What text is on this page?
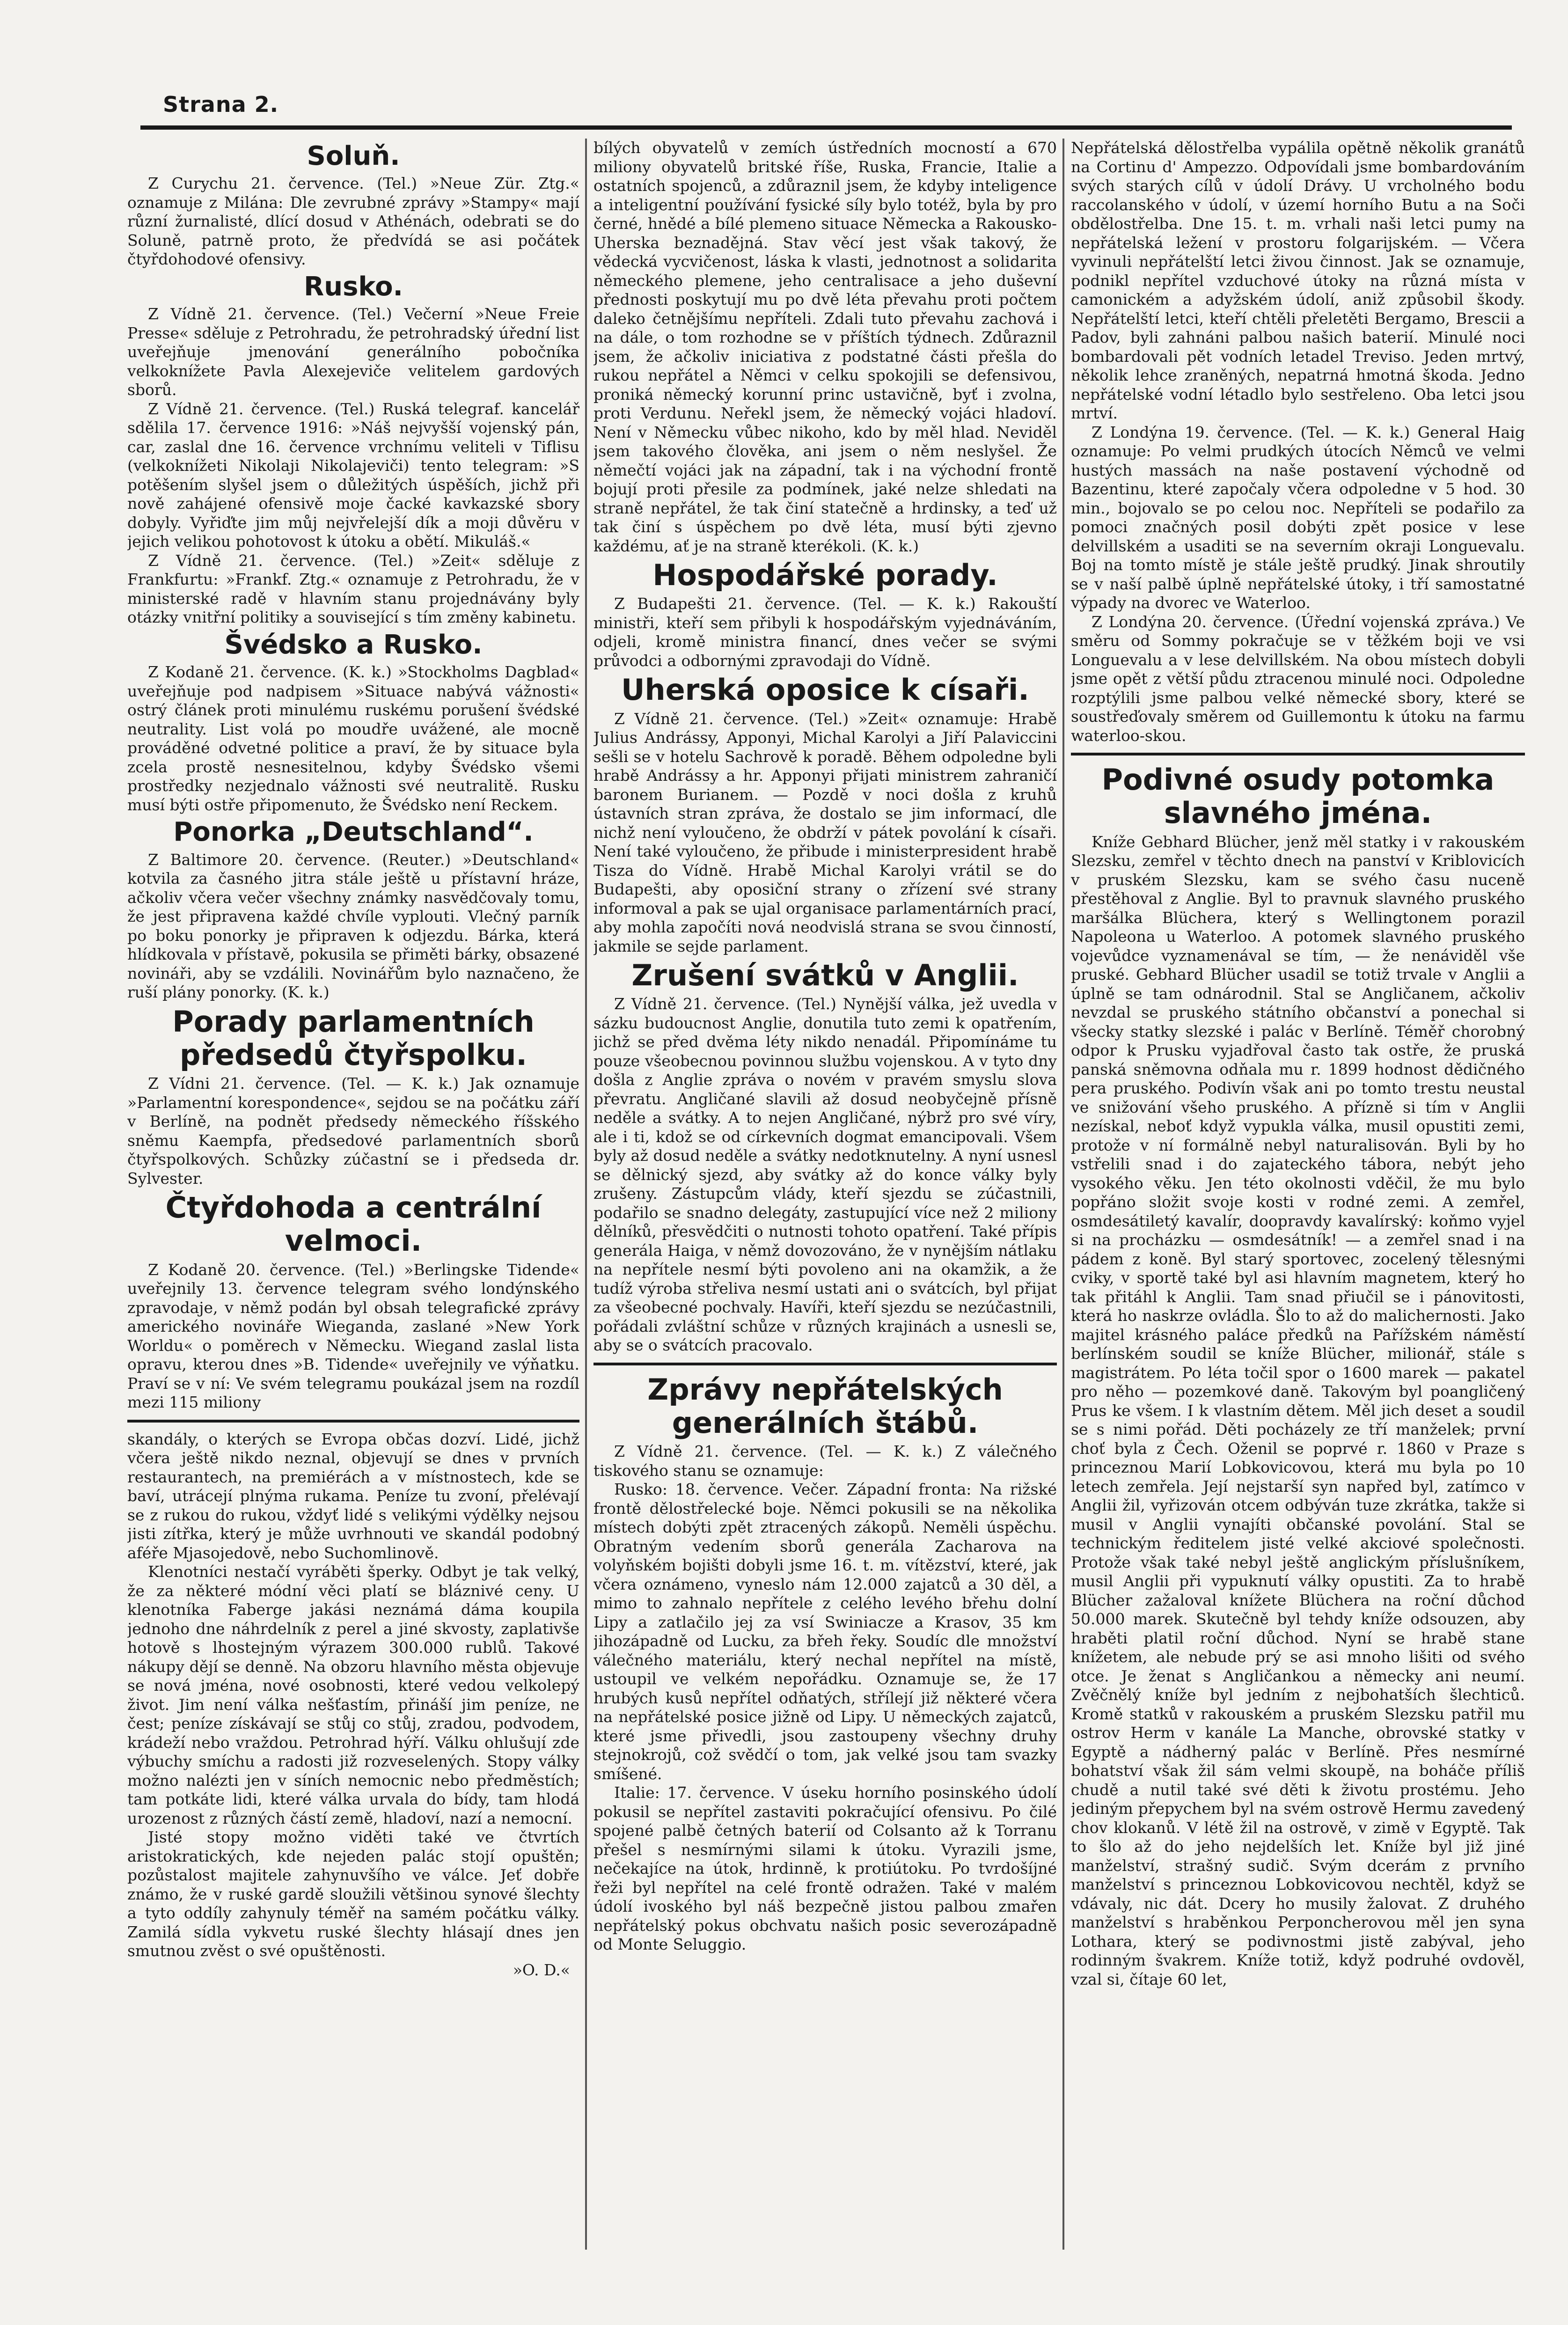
Strana 2.
Soluň.

Z Curychu 21. července. (Tel.) »Neue Zür. Ztg.« oznamuje z Milána: Dle zevrubné zprávy »Stampy« mají různí žurnalisté, dlící dosud v Athénách, odebrati se do Soluně, patrně proto, že předvídá se asi počátek čtyřdohodové ofensivy.

Rusko.

Z Vídně 21. července. (Tel.) Večerní »Neue Freie Presse« sděluje z Petrohradu, že petrohradský úřední list uveřejňuje jmenování generálního pobočníka velkoknížete Pavla Alexejeviče velitelem gardových sborů.

Z Vídně 21. července. (Tel.) Ruská telegraf. kancelář sdělila 17. července 1916: »Náš nejvyšší vojenský pán, car, zaslal dne 16. července vrchnímu veliteli v Tiflisu (velkoknížeti Nikolaji Nikolajeviči) tento telegram: »S potěšením slyšel jsem o důležitých úspěších, jichž při nově zahájené ofensivě moje čacké kavkazské sbory dobyly. Vyřiďte jim můj nejvřelejší dík a moji důvěru v jejich velikou pohotovost k útoku a obětí. Mikuláš.«

Z Vídně 21. července. (Tel.) »Zeit« sděluje z Frankfurtu: »Frankf. Ztg.« oznamuje z Petrohradu, že v ministerské radě v hlavním stanu projednávány byly otázky vnitřní politiky a související s tím změny kabinetu.

Švédsko a Rusko.

Z Kodaně 21. července. (K. k.) »Stockholms Dagblad« uveřejňuje pod nadpisem »Situace nabývá vážnosti« ostrý článek proti minulému ruskému porušení švédské neutrality. List volá po moudře uvážené, ale mocně prováděné odvetné politice a praví, že by situace byla zcela prostě nesnesitelnou, kdyby Švédsko všemi prostředky nezjednalo vážnosti své neutralitě. Rusku musí býti ostře připomenuto, že Švédsko není Reckem.

Ponorka „Deutschland“.

Z Baltimore 20. července. (Reuter.) »Deutschland« kotvila za časného jitra stále ještě u přístavní hráze, ačkoliv včera večer všechny známky nasvědčovaly tomu, že jest připravena každé chvíle vyplouti. Vlečný parník po boku ponorky je připraven k odjezdu. Bárka, která hlídkovala v přístavě, pokusila se přiměti bárky, obsazené novináři, aby se vzdálili. Novinářům bylo naznačeno, že ruší plány ponorky. (K. k.)

Porady parlamentních předsedů čtyřspolku.

Z Vídni 21. července. (Tel. — K. k.) Jak oznamuje »Parlamentní korespondence«, sejdou se na počátku září v Berlíně, na podnět předsedy německého říšského sněmu Kaempfa, předsedové parlamentních sborů čtyřspolkových. Schůzky zúčastní se i předseda dr. Sylvester.

Čtyřdohoda a centrální velmoci.

Z Kodaně 20. července. (Tel.) »Berlingske Tidende« uveřejnily 13. července telegram svého londýnského zpravodaje, v němž podán byl obsah telegrafické zprávy amerického novináře Wieganda, zaslané »New York Worldu« o poměrech v Německu. Wiegand zaslal lista opravu, kterou dnes »B. Tidende« uveřejnily ve výňatku. Praví se v ní: Ve svém telegramu poukázal jsem na rozdíl mezi 115 miliony

skandály, o kterých se Evropa občas dozví. Lidé, jichž včera ještě nikdo neznal, objevují se dnes v prvních restaurantech, na premiérách a v místnostech, kde se baví, utrácejí plnýma rukama. Peníze tu zvoní, přelévají se z rukou do rukou, vždyť lidé s velikými výdělky nejsou jisti zítřka, který je může uvrhnouti ve skandál podobný aféře Mjasojedově, nebo Suchomlinově.

Klenotníci nestačí vyráběti šperky. Odbyt je tak velký, že za některé módní věci platí se bláznivé ceny. U klenotníka Faberge jakási neznámá dáma koupila jednoho dne náhrdelník z perel a jiné skvosty, zaplativše hotově s lhostejným výrazem 300.000 rublů. Takové nákupy dějí se denně. Na obzoru hlavního města objevuje se nová jména, nové osobnosti, které vedou velkolepý život. Jim není válka nešťastím, přináší jim peníze, ne čest; peníze získávají se stůj co stůj, zradou, podvodem, krádeží nebo vraždou. Petrohrad hýří. Válku ohlušují zde výbuchy smíchu a radosti již rozveselených. Stopy války možno nalézti jen v síních nemocnic nebo předměstích; tam potkáte lidi, které válka urvala do bídy, tam hlodá urozenost z různých částí země, hladoví, nazí a nemocní.

Jisté stopy možno viděti také ve čtvrtích aristokratických, kde nejeden palác stojí opuštěn; pozůstalost majitele zahynuvšího ve válce. Jeť dobře známo, že v ruské gardě sloužili většinou synové šlechty a tyto oddíly zahynuly téměř na samém počátku války. Zamilá sídla vykvetu ruské šlechty hlásají dnes jen smutnou zvěst o své opuštěnosti.

»O. D.«

bílých obyvatelů v zemích ústředních mocností a 670 miliony obyvatelů britské říše, Ruska, Francie, Italie a ostatních spojenců, a zdůraznil jsem, že kdyby inteligence a inteligentní používání fysické síly bylo totéž, byla by pro černé, hnědé a bílé plemeno situace Německa a Rakousko-Uherska beznadějná. Stav věcí jest však takový, že vědecká vycvičenost, láska k vlasti, jednotnost a solidarita německého plemene, jeho centralisace a jeho duševní přednosti poskytují mu po dvě léta převahu proti počtem daleko četnějšímu nepříteli. Zdali tuto převahu zachová i na dále, o tom rozhodne se v příštích týdnech. Zdůraznil jsem, že ačkoliv iniciativa z podstatné části přešla do rukou nepřátel a Němci v celku spokojili se defensivou, proniká německý korunní princ ustavičně, byť i zvolna, proti Verdunu. Neřekl jsem, že německý vojáci hladoví. Není v Německu vůbec nikoho, kdo by měl hlad. Neviděl jsem takového člověka, ani jsem o něm neslyšel. Že němečtí vojáci jak na západní, tak i na východní frontě bojují proti přesile za podmínek, jaké nelze shledati na straně nepřátel, že tak činí statečně a hrdinsky, a teď už tak činí s úspěchem po dvě léta, musí býti zjevno každému, ať je na straně kterékoli. (K. k.)

Hospodářské porady.

Z Budapešti 21. července. (Tel. — K. k.) Rakouští ministři, kteří sem přibyli k hospodářským vyjednáváním, odjeli, kromě ministra financí, dnes večer se svými průvodci a odbornými zpravodaji do Vídně.

Uherská oposice k císaři.

Z Vídně 21. července. (Tel.) »Zeit« oznamuje: Hrabě Julius Andrássy, Apponyi, Michal Karolyi a Jiří Palaviccini sešli se v hotelu Sachrově k poradě. Během odpoledne byli hrabě Andrássy a hr. Apponyi přijati ministrem zahraničí baronem Burianem. — Pozdě v noci došla z kruhů ústavních stran zpráva, že dostalo se jim informací, dle nichž není vyloučeno, že obdrží v pátek povolání k císaři. Není také vyloučeno, že přibude i ministerpresident hrabě Tisza do Vídně. Hrabě Michal Karolyi vrátil se do Budapešti, aby oposiční strany o zřízení své strany informoval a pak se ujal organisace parlamentárních prací, aby mohla započíti nová neodvislá strana se svou činností, jakmile se sejde parlament.

Zrušení svátků v Anglii.

Z Vídně 21. července. (Tel.) Nynější válka, jež uvedla v sázku budoucnost Anglie, donutila tuto zemi k opatřením, jichž se před dvěma léty nikdo nenadál. Připomínáme tu pouze všeobecnou povinnou službu vojenskou. A v tyto dny došla z Anglie zpráva o novém v pravém smyslu slova převratu. Angličané slavili až dosud neobyčejně přísně neděle a svátky. A to nejen Angličané, nýbrž pro své víry, ale i ti, kdož se od církevních dogmat emancipovali. Všem byly až dosud neděle a svátky nedotknutelny. A nyní usnesl se dělnický sjezd, aby svátky až do konce války byly zrušeny. Zástupcům vlády, kteří sjezdu se zúčastnili, podařilo se snadno delegáty, zastupující více než 2 miliony dělníků, přesvědčiti o nutnosti tohoto opatření. Také přípis generála Haiga, v němž dovozováno, že v nynějším nátlaku na nepřítele nesmí býti povoleno ani na okamžik, a že tudíž výroba střeliva nesmí ustati ani o svátcích, byl přijat za všeobecné pochvaly. Havíři, kteří sjezdu se nezúčastnili, pořádali zvláštní schůze v různých krajinách a usnesli se, aby se o svátcích pracovalo.

Zprávy nepřátelských generálních štábů.

Z Vídně 21. července. (Tel. — K. k.) Z válečného tiskového stanu se oznamuje:

Rusko: 18. července. Večer. Západní fronta: Na rižské frontě dělostřelecké boje. Němci pokusili se na několika místech dobýti zpět ztracených zákopů. Neměli úspěchu. Obratným vedením sborů generála Zacharova na volyňském bojišti dobyli jsme 16. t. m. vítězství, které, jak včera oznámeno, vyneslo nám 12.000 zajatců a 30 děl, a mimo to zahnalo nepřítele z celého levého břehu dolní Lipy a zatlačilo jej za vsí Swiniacze a Krasov, 35 km jihozápadně od Lucku, za břeh řeky. Soudíc dle množství válečného materiálu, který nechal nepřítel na místě, ustoupil ve velkém nepořádku. Oznamuje se, že 17 hrubých kusů nepřítel odňatých, střílejí již některé včera na nepřátelské posice jižně od Lipy. U německých zajatců, které jsme přivedli, jsou zastoupeny všechny druhy stejnokrojů, což svědčí o tom, jak velké jsou tam svazky smíšené.

Italie: 17. července. V úseku horního posinského údolí pokusil se nepřítel zastaviti pokračující ofensivu. Po čilé spojené palbě četných baterií od Colsanto až k Torranu přešel s nesmírnými silami k útoku. Vyrazili jsme, nečekajíce na útok, hrdinně, k protiútoku. Po tvrdošíjné řeži byl nepřítel na celé frontě odražen. Také v malém údolí ivoského byl náš bezpečně jistou palbou zmařen nepřátelský pokus obchvatu našich posic severozápadně od Monte Seluggio.

Nepřátelská dělostřelba vypálila opětně několik granátů na Cortinu d' Ampezzo. Odpovídali jsme bombardováním svých starých cílů v údolí Drávy. U vrcholného bodu raccolanského v údolí, v území horního Butu a na Soči obdělostřelba. Dne 15. t. m. vrhali naši letci pumy na nepřátelská ležení v prostoru folgarijském. — Včera vyvinuli nepřátelští letci živou činnost. Jak se oznamuje, podnikl nepřítel vzduchové útoky na různá místa v camonickém a adyžském údolí, aniž způsobil škody. Nepřátelští letci, kteří chtěli přeletěti Bergamo, Brescii a Padov, byli zahnáni palbou našich baterií. Minulé noci bombardovali pět vodních letadel Treviso. Jeden mrtvý, několik lehce zraněných, nepatrná hmotná škoda. Jedno nepřátelské vodní létadlo bylo sestřeleno. Oba letci jsou mrtví.

Z Londýna 19. července. (Tel. — K. k.) General Haig oznamuje: Po velmi prudkých útocích Němců ve velmi hustých massách na naše postavení východně od Bazentinu, které započaly včera odpoledne v 5 hod. 30 min., bojovalo se po celou noc. Nepříteli se podařilo za pomoci značných posil dobýti zpět posice v lese delvillském a usaditi se na severním okraji Longuevalu. Boj na tomto místě je stále ještě prudký. Jinak shroutily se v naší palbě úplně nepřátelské útoky, i tří samostatné výpady na dvorec ve Waterloo.

Z Londýna 20. července. (Úřední vojenská zpráva.) Ve směru od Sommy pokračuje se v těžkém boji ve vsi Longuevalu a v lese delvillském. Na obou místech dobyli jsme opět z větší půdu ztracenou minulé noci. Odpoledne rozptýlili jsme palbou velké německé sbory, které se soustřeďovaly směrem od Guillemontu k útoku na farmu waterloo-skou.

Podivné osudy potomka slavného jména.

Kníže Gebhard Blücher, jenž měl statky i v rakouském Slezsku, zemřel v těchto dnech na panství v Kriblovicích v pruském Slezsku, kam se svého času nuceně přestěhoval z Anglie. Byl to pravnuk slavného pruského maršálka Blüchera, který s Wellingtonem porazil Napoleona u Waterloo. A potomek slavného pruského vojevůdce vyznamenával se tím, — že nenáviděl vše pruské. Gebhard Blücher usadil se totiž trvale v Anglii a úplně se tam odnárodnil. Stal se Angličanem, ačkoliv nevzdal se pruského státního občanství a ponechal si všecky statky slezské i palác v Berlíně. Téměř chorobný odpor k Prusku vyjadřoval často tak ostře, že pruská panská sněmovna odňala mu r. 1899 hodnost dědičného pera pruského. Podivín však ani po tomto trestu neustal ve snižování všeho pruského. A přízně si tím v Anglii nezískal, neboť když vypukla válka, musil opustiti zemi, protože v ní formálně nebyl naturalisován. Byli by ho vstřelili snad i do zajateckého tábora, nebýt jeho vysokého věku. Jen této okolnosti vděčil, že mu bylo popřáno složit svoje kosti v rodné zemi. A zemřel, osmdesátiletý kavalír, doopravdy kavalírský: koňmo vyjel si na procházku — osmdesátník! — a zemřel snad i na pádem z koně. Byl starý sportovec, zocelený tělesnými cviky, v sportě také byl asi hlavním magnetem, který ho tak přitáhl k Anglii. Tam snad přiučil se i pánovitosti, která ho naskrze ovládla. Šlo to až do malichernosti. Jako majitel krásného paláce předků na Pařížském náměstí berlínském soudil se kníže Blücher, milionář, stále s magistrátem. Po léta točil spor o 1600 marek — pakatel pro něho — pozemkové daně. Takovým byl poangličený Prus ke všem. I k vlastním dětem. Měl jich deset a soudil se s nimi pořád. Děti pocházely ze tří manželek; první choť byla z Čech. Oženil se poprvé r. 1860 v Praze s princeznou Marií Lobkovicovou, která mu byla po 10 letech zemřela. Její nejstarší syn napřed byl, zatímco v Anglii žil, vyřizován otcem odbýván tuze zkrátka, takže si musil v Anglii vynajíti občanské povolání. Stal se technickým ředitelem jisté velké akciové společnosti. Protože však také nebyl ještě anglickým příslušníkem, musil Anglii při vypuknutí války opustiti. Za to hrabě Blücher zažaloval knížete Blüchera na roční důchod 50.000 marek. Skutečně byl tehdy kníže odsouzen, aby hraběti platil roční důchod. Nyní se hrabě stane knížetem, ale nebude prý se asi mnoho lišiti od svého otce. Je ženat s Angličankou a německy ani neumí. Zvěčnělý kníže byl jedním z nejbohatších šlechticů. Kromě statků v rakouském a pruském Slezsku patřil mu ostrov Herm v kanále La Manche, obrovské statky v Egyptě a nádherný palác v Berlíně. Přes nesmírné bohatství však žil sám velmi skoupě, na boháče příliš chudě a nutil také své děti k životu prostému. Jeho jediným přepychem byl na svém ostrově Hermu zavedený chov klokanů. V létě žil na ostrově, v zimě v Egyptě. Tak to šlo až do jeho nejdelších let. Kníže byl již jiné manželství, strašný sudič. Svým dcerám z prvního manželství s princeznou Lobkovicovou nechtěl, když se vdávaly, nic dát. Dcery ho musily žalovat. Z druhého manželství s hraběnkou Perponcherovou měl jen syna Lothara, který se podivnostmi jistě zabýval, jeho rodinným švakrem. Kníže totiž, když podruhé ovdověl, vzal si, čítaje 60 let,
